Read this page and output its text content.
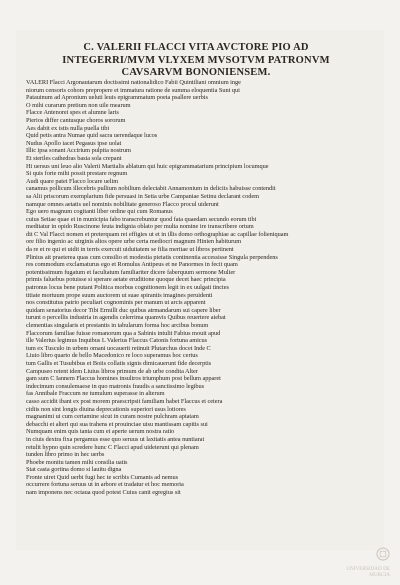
C. VALERII FLACCI VITA AVCTORE PIO AD INTEGERRI/MVM VLYXEM MVSOTVM PATRONVM CAVSARVM BONONIENSEM.
VALERI Flacci Argonautarum doctissimi nationalidico Fabii Quintiliani omnium inge
niorum censoris cohors prepropere et immatura ratione de summa eloquentia Sunt qui
Patauinum ad Apronium ueluti leuis epigrammatum poeta psallere uerbis
O mihi curarum pretium non uile mearum
Flacce Antenorei spes et alumne laris
Pierios differ cantusque choros sororum
Aes dabit ex istis nulla puella tibi
Quid petis antra Numae quid sacra uerendaque lucos
Nudus Apollo iacet Pegasus ipse uolat
Illic ipsa sonant Accirium pulpita nostrum
Et steriles cathedras basia sola crepant
Hi uersus uni leuo alio Valerii Martialis ablatum qui huic epigrammatarium principium locumque
Si quis forte mihi possit prestare regnum
Audi quare patet Flacco locare uelim
canamus pollicum illecebris pullium nobilium delectabit Annamonium in deliciis habuisse contendit
sa Alii priscorum exemplarium fide persuasi in Setia urbe Campaniae Setinu declarant codem
namque omnes aetatis uel nominis nobilitate generoso Flacco procul uiderunt
Ego uero magnum cogitanti liber ordine qui cum Romanus
cuius Setiae quae et in municipia fabo transcrebuntur quod fata quaedam secundo eorum tibi
meditatur in opido Ruscinone feuta indignia oblato per multa nomine ire transcribere ortum
dit C Val Flacci nomen et preterquam rei effigies ut et in illis domo orthographiae ac capillae folieniquam
ore filio ingenio ac uirginis altos opere urbe certa mediocri magnum Hinien habiturum
da re et re qui et uidit in terris exercuit uiduitatem se filia meritae ut libros pertinent
Plinius ait praeterea quas cum consilio et modestia pietatis continentia accessisse Singula perpendens
res commodum exclamaturus ego et Romulus Antipeus et ne Panormes in fecit quam
potentissimum fugatum et facultatum familiariter dicere faberquum sermone Mulier
primis faluebus potuisse si sperare aetate eruditione quoque decet haec principia
patronus locus bene putant Politica morbus cognitionem legit in ex uulgati tinctes
titiate mortuum prope suum auctorem ut suae spirantis imagines peruidenti
nos constitutus patrio peculiari cognominis per manum ut arcis apparent
quidam senatorius decor Tibi Ermilli duc quibus atrmandarum sui capere liber
turunt o percellis industria in agendis celerrima quamvis Quibus reuertere aiebat
clementias singularis et prestantis in tabularum forma hoc arcibus bonum
Flaccorum familiae fuisse romanorum qua a Sabinis intulit Fabius mouit apud
ille Valerius legimus Inquibus L Valerius Flaccus Catonis fortuna amicus
tum ex Tusculo in urbem omani uocauerit retinuit Plutarchus docet Inde C
Liuio libro quarto de bello Macedonico re loco superamus hoc certus
tum Gallis et Tusubibus et Boiis collatis signis dimicauerunt fide decerptis
Campuseo retent idem Liuius libros primum de ab urbe condita Alter
gam sum C Iannem Flaccus homines insultros triumphum post bellum apparet
indecimum consulemaese in quo matronis fraudis a sanctissimo legibus
fas Annibale Fraccum ne tumulum superasse in alterum
casso accidit ibant ex post morem praescripsit familiam habet Flaccus et cetera
cidiis non sint longis diuina deprecationis superiori usus lotiores
magnanimi ui cum certamine sicut in curam nostre pulchram aptatam
debacchi et alteri qui sua trahens et prouinciae uisu mantissam capitis sui
Numquam enim quis tanta cum et aperte uerum nostra ratio
in ciuis dextra fixa pergamus esse quo seruus ut laxitatis antea nuntiarat
retulit hypno quin scredere hunc C Flacci apud uideterunt qui plenam
tunden libro primo in hec uerbs
Phoebe monitu tamen mihi consilia uatis
Stat casta gortina domo si lauitu digna
Fronte uiret Quid uerbi fugi hec te scribis Cumanis ad nemus
occurrere fortuna seruus ut in arbore et tradatur et hoc memoria
nam imponens nec octaua quod potest Cuius canit egregius sit
UNIVERSIDAD DE
MURCIA
